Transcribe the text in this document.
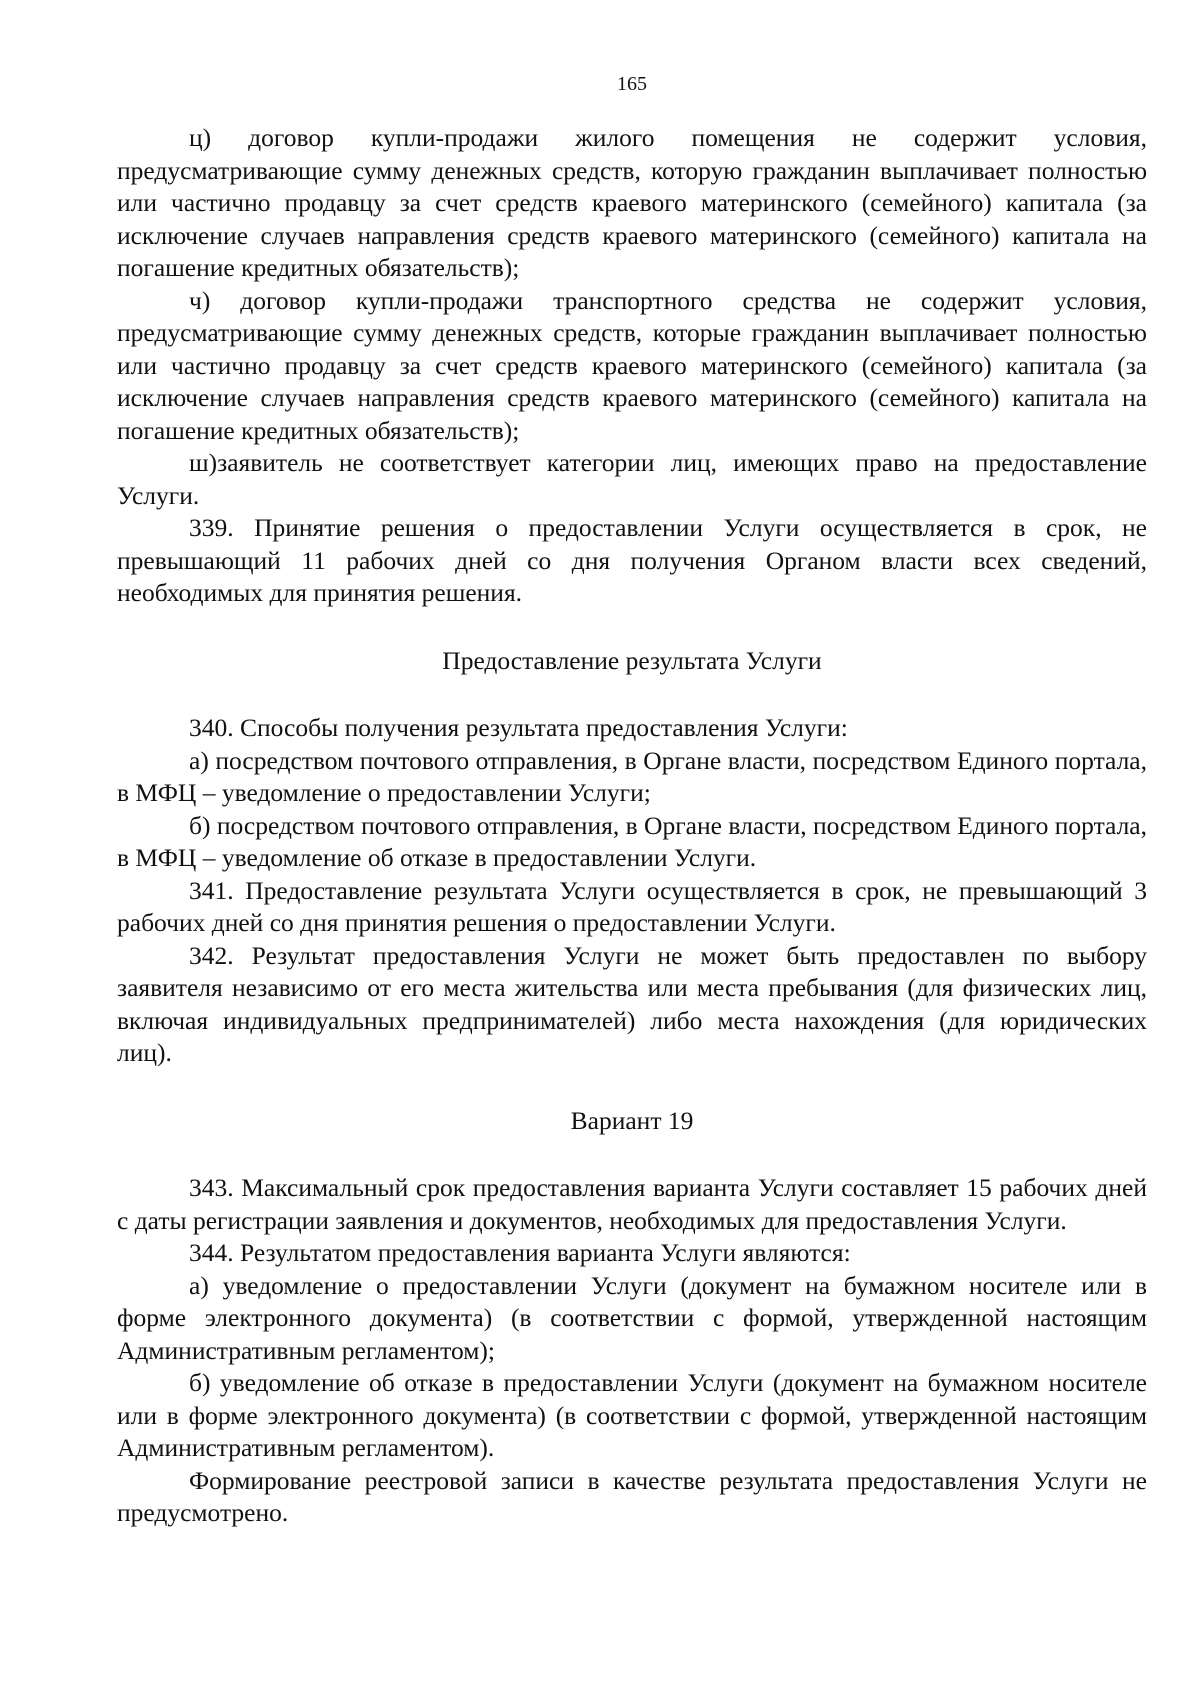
165

ц) договор купли-продажи жилого помещения не содержит условия, предусматривающие сумму денежных средств, которую гражданин выплачивает полностью или частично продавцу за счет средств краевого материнского (семейного) капитала (за исключение случаев направления средств краевого материнского (семейного) капитала на погашение кредитных обязательств);

ч) договор купли-продажи транспортного средства не содержит условия, предусматривающие сумму денежных средств, которые гражданин выплачивает полностью или частично продавцу за счет средств краевого материнского (семейного) капитала (за исключение случаев направления средств краевого материнского (семейного) капитала на погашение кредитных обязательств);

ш)заявитель не соответствует категории лиц, имеющих право на предоставление Услуги.

339. Принятие решения о предоставлении Услуги осуществляется в срок, не превышающий 11 рабочих дней со дня получения Органом власти всех сведений, необходимых для принятия решения.

Предоставление результата Услуги

340. Способы получения результата предоставления Услуги:

а) посредством почтового отправления, в Органе власти, посредством Единого портала, в МФЦ – уведомление о предоставлении Услуги;

б) посредством почтового отправления, в Органе власти, посредством Единого портала, в МФЦ – уведомление об отказе в предоставлении Услуги.

341. Предоставление результата Услуги осуществляется в срок, не превышающий 3 рабочих дней со дня принятия решения о предоставлении Услуги.

342. Результат предоставления Услуги не может быть предоставлен по выбору заявителя независимо от его места жительства или места пребывания (для физических лиц, включая индивидуальных предпринимателей) либо места нахождения (для юридических лиц).

Вариант 19

343. Максимальный срок предоставления варианта Услуги составляет 15 рабочих дней с даты регистрации заявления и документов, необходимых для предоставления Услуги.

344. Результатом предоставления варианта Услуги являются:

а) уведомление о предоставлении Услуги (документ на бумажном носителе или в форме электронного документа) (в соответствии с формой, утвержденной настоящим Административным регламентом);

б) уведомление об отказе в предоставлении Услуги (документ на бумажном носителе или в форме электронного документа) (в соответствии с формой, утвержденной настоящим Административным регламентом).

Формирование реестровой записи в качестве результата предоставления Услуги не предусмотрено.
